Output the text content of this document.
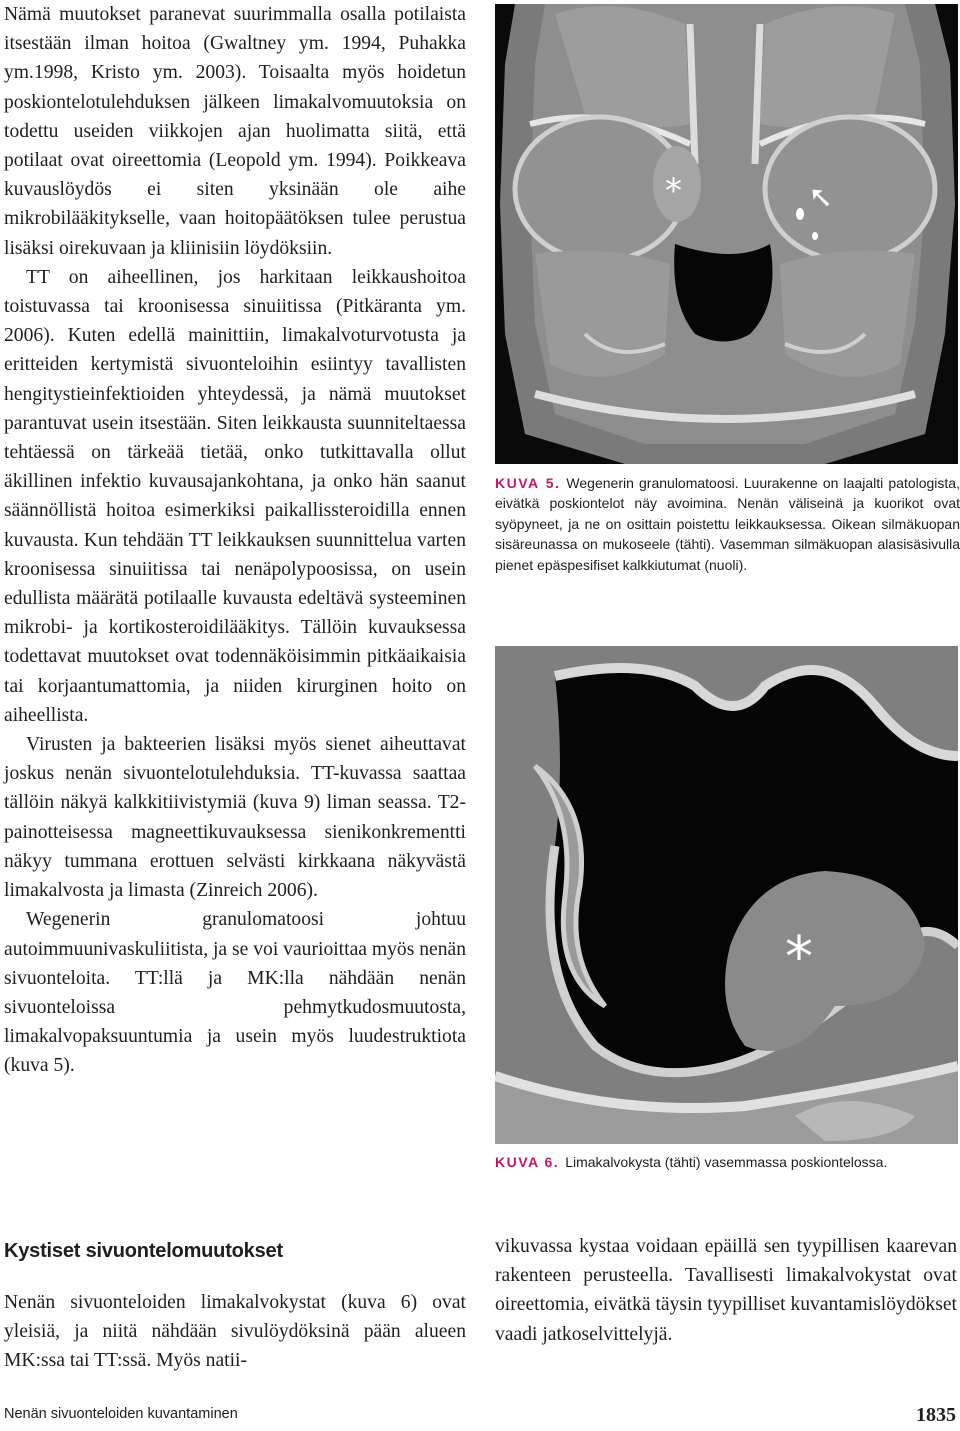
Nämä muutokset paranevat suurimmalla osalla potilaista itsestään ilman hoitoa (Gwaltney ym. 1994, Puhakka ym.1998, Kristo ym. 2003). Toisaalta myös hoidetun poskiontelotulehduksen jälkeen limakalvomuutoksia on todettu useiden viikkojen ajan huolimatta siitä, että potilaat ovat oireettomia (Leopold ym. 1994). Poikkeava kuvauslöydös ei siten yksinään ole aihe mikrobilääkitykselle, vaan hoitopäätöksen tulee perustua lisäksi oirekuvaan ja kliinisiin löydöksiin.

TT on aiheellinen, jos harkitaan leikkaushoitoa toistuvassa tai kroonisessa sinuiitissa (Pitkäranta ym. 2006). Kuten edellä mainittiin, limakalvoturvotusta ja eritteiden kertymistä sivuonteloihin esiintyy tavallisten hengitystieinfektioiden yhteydessä, ja nämä muutokset parantuvat usein itsestään. Siten leikkausta suunniteltaessa tehtäessä on tärkeää tietää, onko tutkittavalla ollut äkillinen infektio kuvausajankohtana, ja onko hän saanut säännöllistä hoitoa esimerkiksi paikallissteroidilla ennen kuvausta. Kun tehdään TT leikkauksen suunnittelua varten kroonisessa sinuiitissa tai nenäpolypoosissa, on usein edullista määrätä potilaalle kuvausta edeltävä systeeminen mikrobi- ja kortikosteroidilääkitys. Tällöin kuvauksessa todettavat muutokset ovat todennäköisimmin pitkäaikaisia tai korjaantumattomia, ja niiden kirurginen hoito on aiheellista.

Virusten ja bakteerien lisäksi myös sienet aiheuttavat joskus nenän sivuontelotulehduksia. TT-kuvassa saattaa tällöin näkyä kalkkitiivistymiä (kuva 9) liman seassa. T2-painotteisessa magneettikuvauksessa sienikonkrementti näkyy tummana erottuen selvästi kirkkaana näkyvästä limakalvosta ja limasta (Zinreich 2006).

Wegenerin granulomatoosi johtuu autoimmuunivaskuliitista, ja se voi vaurioittaa myös nenän sivuonteloita. TT:llä ja MK:lla nähdään nenän sivuonteloissa pehmytkudosmuutosta, limakalvopaksuuntumia ja usein myös luudestruktiota (kuva 5).

Kystiset sivuontelomuutokset

Nenän sivuonteloiden limakalvokystat (kuva 6) ovat yleisiä, ja niitä nähdään sivulöydöksinä pään alueen MK:ssa tai TT:ssä. Myös natii-

*	➘
KUVA 5. Wegenerin granulomatoosi. Luurakenne on laajalti patologista, eivätkä poskiontelot näy avoimina. Nenän väliseinä ja kuorikot ovat syöpyneet, ja ne on osittain poistettu leikkauksessa. Oikean silmäkuopan sisäreunassa on mukoseele (tähti). Vasemman silmäkuopan alasisäsivulla pienet epäspesifiset kalkkiutumat (nuoli).
*
KUVA 6. Limakalvokysta (tähti) vasemmassa poskiontelossa.

vikuvassa kystaa voidaan epäillä sen tyypillisen kaarevan rakenteen perusteella. Tavallisesti limakalvokystat ovat oireettomia, eivätkä täysin tyypilliset kuvantamislöydökset vaadi jatkoselvittelyjä.

Nenän sivuonteloiden kuvantaminen	1835
